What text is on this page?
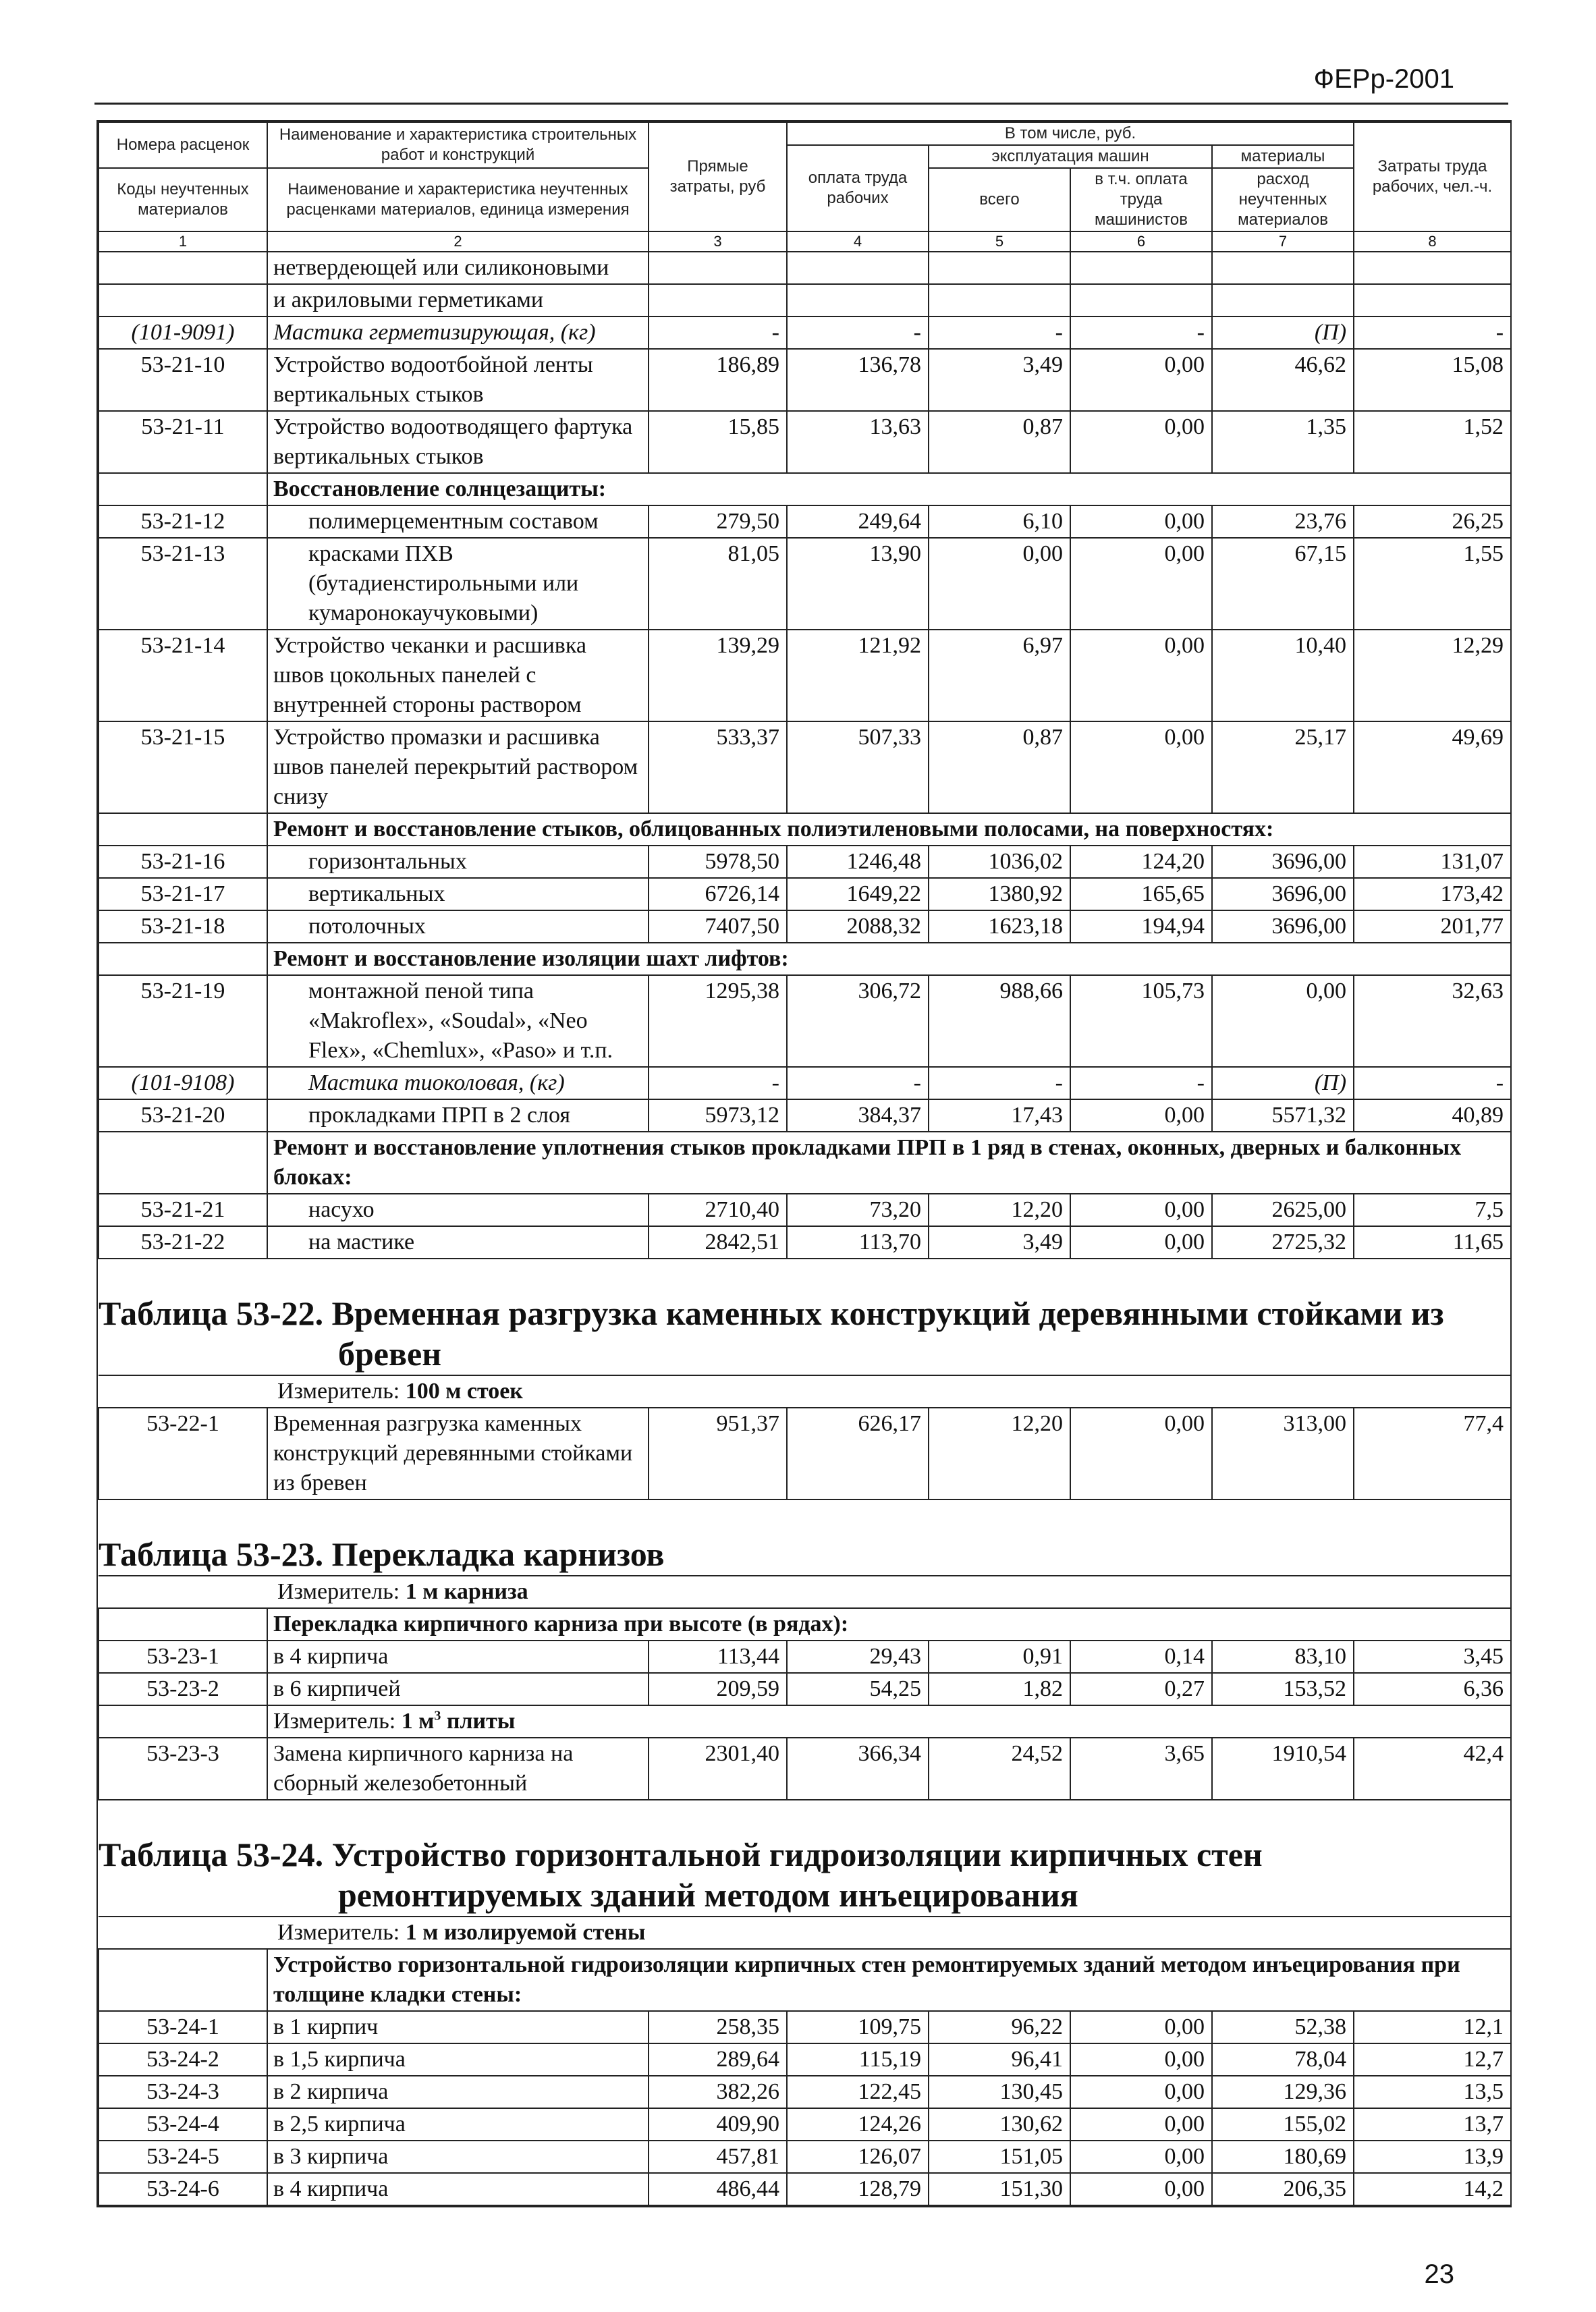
ФЕРр-2001
Номера расценок	Наименование и характеристика строительных работ и конструкций	Прямые затраты, руб	В том числе, руб.				Затраты труда рабочих, чел.-ч.
			оплата труда рабочих	эксплуатация машин		материалы	
Коды неучтенных материалов	Наименование и характеристика неучтенных расценками материалов, единица измерения			всего	в т.ч. оплата труда машинистов	расход неучтенных материалов	

1	2	3	4	5	6	7	8
	нетвердеющей или силиконовыми						
	и акриловыми герметиками						
(101-9091)	Мастика герметизирующая, (кг)	-	-	-	-	(П)	-
53-21-10	Устройство водоотбойной ленты вертикальных стыков	186,89	136,78	3,49	0,00	46,62	15,08
53-21-11	Устройство водоотводящего фартука вертикальных стыков	15,85	13,63	0,87	0,00	1,35	1,52
	Восстановление солнцезащиты:						
53-21-12	полимерцементным составом	279,50	249,64	6,10	0,00	23,76	26,25
53-21-13	красками ПХВ (бутадиенстирольными или кумаронокаучуковыми)	81,05	13,90	0,00	0,00	67,15	1,55
53-21-14	Устройство чеканки и расшивка швов цокольных панелей с внутренней стороны раствором	139,29	121,92	6,97	0,00	10,40	12,29
53-21-15	Устройство промазки и расшивка швов панелей перекрытий раствором снизу	533,37	507,33	0,87	0,00	25,17	49,69
	Ремонт и восстановление стыков, облицованных полиэтиленовыми полосами, на поверхностях:						
53-21-16	горизонтальных	5978,50	1246,48	1036,02	124,20	3696,00	131,07
53-21-17	вертикальных	6726,14	1649,22	1380,92	165,65	3696,00	173,42
53-21-18	потолочных	7407,50	2088,32	1623,18	194,94	3696,00	201,77
	Ремонт и восстановление изоляции шахт лифтов:						
53-21-19	монтажной пеной типа «Makroflex», «Soudal», «Neo Flex», «Chemlux», «Paso» и т.п.	1295,38	306,72	988,66	105,73	0,00	32,63
(101-9108)	Мастика тиоколовая, (кг)	-	-	-	-	(П)	-
53-21-20	прокладками ПРП в 2 слоя	5973,12	384,37	17,43	0,00	5571,32	40,89
	Ремонт и восстановление уплотнения стыков прокладками ПРП в 1 ряд в стенах, оконных, дверных и балконных блоках:						
53-21-21	насухо	2710,40	73,20	12,20	0,00	2625,00	7,5
53-21-22	на мастике	2842,51	113,70	3,49	0,00	2725,32	11,65
Таблица 53-22. Временная разгрузка каменных конструкций деревянными стойками из
бревен							

Измеритель: 100 м стоек							
53-22-1	Временная разгрузка каменных конструкций деревянными стойками из бревен	951,37	626,17	12,20	0,00	313,00	77,4
Таблица 53-23. Перекладка карнизов							
Измеритель: 1 м карниза							
	Перекладка кирпичного карниза при высоте (в рядах):						
53-23-1	в 4 кирпича	113,44	29,43	0,91	0,14	83,10	3,45
53-23-2	в 6 кирпичей	209,59	54,25	1,82	0,27	153,52	6,36
	Измеритель: 1 $м^3$ плиты						
53-23-3	Замена кирпичного карниза на сборный железобетонный	2301,40	366,34	24,52	3,65	1910,54	42,4
Таблица 53-24. Устройство горизонтальной гидроизоляции кирпичных стен
ремонтируемых зданий методом инъецирования							

Измеритель: 1 м изолируемой стены							
	Устройство горизонтальной гидроизоляции кирпичных стен ремонтируемых зданий методом инъецирования при толщине кладки стены:						
53-24-1	в 1 кирпич	258,35	109,75	96,22	0,00	52,38	12,1
53-24-2	в 1,5 кирпича	289,64	115,19	96,41	0,00	78,04	12,7
53-24-3	в 2 кирпича	382,26	122,45	130,45	0,00	129,36	13,5
53-24-4	в 2,5 кирпича	409,90	124,26	130,62	0,00	155,02	13,7
53-24-5	в 3 кирпича	457,81	126,07	151,05	0,00	180,69	13,9
53-24-6	в 4 кирпича	486,44	128,79	151,30	0,00	206,35	14,2
23
